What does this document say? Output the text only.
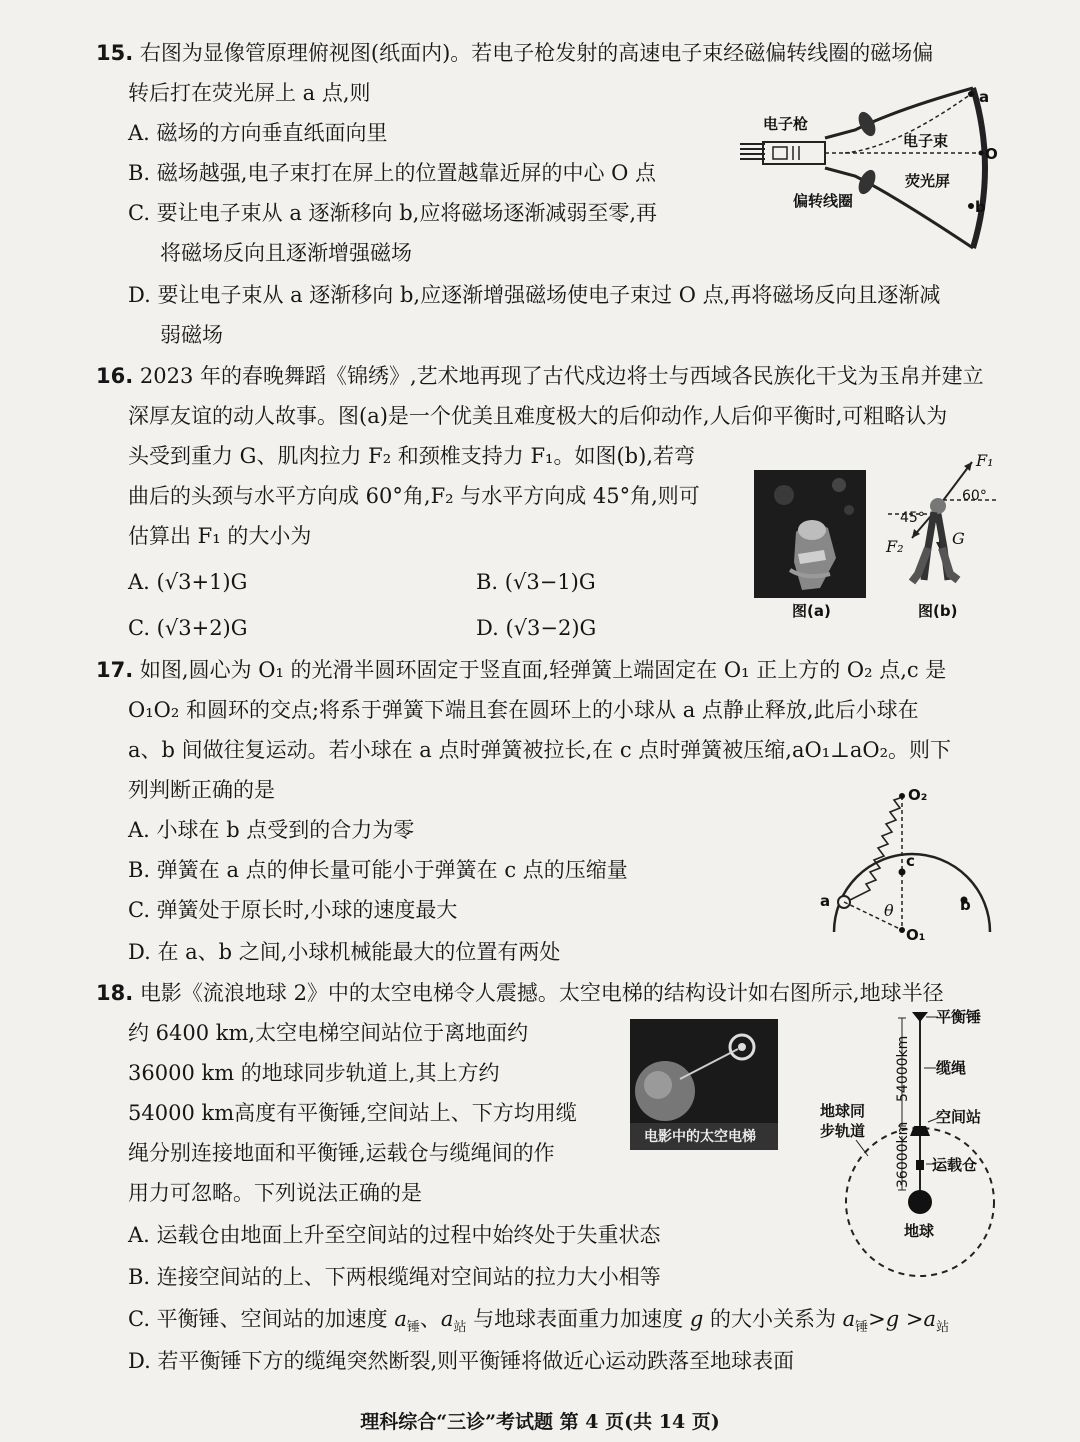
15. 右图为显像管原理俯视图(纸面内)。若电子枪发射的高速电子束经磁偏转线圈的磁场偏
转后打在荧光屏上 a 点,则
A. 磁场的方向垂直纸面向里
B. 磁场越强,电子束打在屏上的位置越靠近屏的中心 O 点
C. 要让电子束从 a 逐渐移向 b,应将磁场逐渐减弱至零,再
将磁场反向且逐渐增强磁场
D. 要让电子束从 a 逐渐移向 b,应逐渐增强磁场使电子束过 O 点,再将磁场反向且逐渐减
弱磁场
电子枪
电子束
荧光屏
偏转线圈
a
O
b
16. 2023 年的春晚舞蹈《锦绣》,艺术地再现了古代戍边将士与西域各民族化干戈为玉帛并建立
深厚友谊的动人故事。图(a)是一个优美且难度极大的后仰动作,人后仰平衡时,可粗略认为
头受到重力 G、肌肉拉力 F₂ 和颈椎支持力 F₁。如图(b),若弯
曲后的头颈与水平方向成 60°角,F₂ 与水平方向成 45°角,则可
估算出 F₁ 的大小为
A. (√3+1)G	B. (√3−1)G
C. (√3+2)G	D. (√3−2)G
F₁
60°
45°
G
F₂
图(a)	图(b)
17. 如图,圆心为 O₁ 的光滑半圆环固定于竖直面,轻弹簧上端固定在 O₁ 正上方的 O₂ 点,c 是
O₁O₂ 和圆环的交点;将系于弹簧下端且套在圆环上的小球从 a 点静止释放,此后小球在
a、b 间做往复运动。若小球在 a 点时弹簧被拉长,在 c 点时弹簧被压缩,aO₁⊥aO₂。则下
列判断正确的是
A. 小球在 b 点受到的合力为零
B. 弹簧在 a 点的伸长量可能小于弹簧在 c 点的压缩量
C. 弹簧处于原长时,小球的速度最大
D. 在 a、b 之间,小球机械能最大的位置有两处
O₂
c
a	b
θ
O₁
18. 电影《流浪地球 2》中的太空电梯令人震撼。太空电梯的结构设计如右图所示,地球半径
约 6400 km,太空电梯空间站位于离地面约
36000 km 的地球同步轨道上,其上方约
54000 km高度有平衡锤,空间站上、下方均用缆
绳分别连接地面和平衡锤,运载仓与缆绳间的作
用力可忽略。下列说法正确的是
A. 运载仓由地面上升至空间站的过程中始终处于失重状态
B. 连接空间站的上、下两根缆绳对空间站的拉力大小相等
C. 平衡锤、空间站的加速度 $a_锤$、$a_站$ 与地球表面重力加速度 g 的大小关系为 $a_锤>g >a_站$
D. 若平衡锤下方的缆绳突然断裂,则平衡锤将做近心运动跌落至地球表面
电影中的太空电梯
54000km
36000km
平衡锤
缆绳
空间站
运载仓
地球
地球同
步轨道
理科综合“三诊”考试题 第 4 页(共 14 页)
